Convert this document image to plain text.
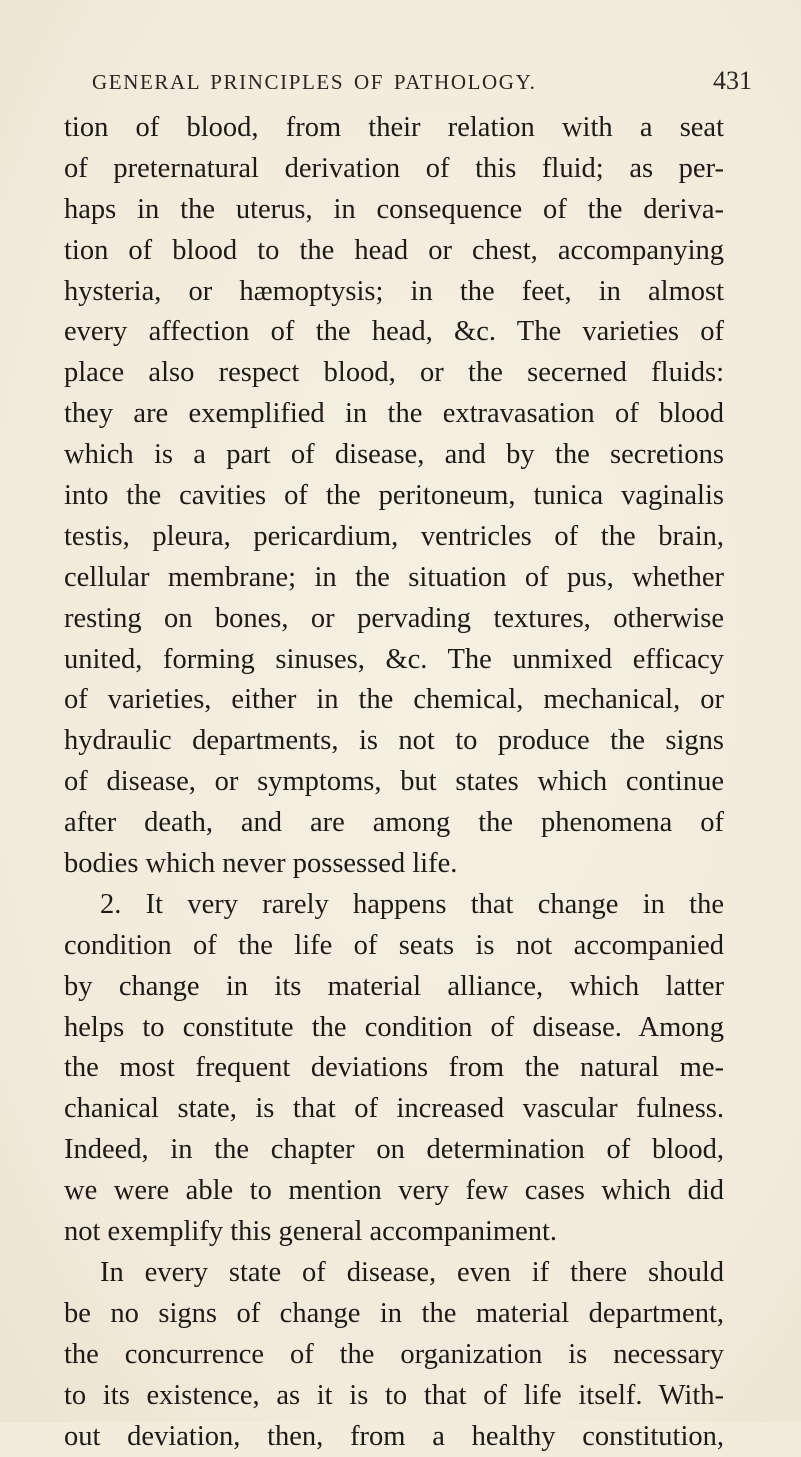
GENERAL PRINCIPLES OF PATHOLOGY.	431
tion of blood, from their relation with a seat
of preternatural derivation of this fluid; as per-
haps in the uterus, in consequence of the deriva-
tion of blood to the head or chest, accompanying
hysteria, or hæmoptysis; in the feet, in almost
every affection of the head, &c. The varieties of
place also respect blood, or the secerned fluids:
they are exemplified in the extravasation of blood
which is a part of disease, and by the secretions
into the cavities of the peritoneum, tunica vaginalis
testis, pleura, pericardium, ventricles of the brain,
cellular membrane; in the situation of pus, whether
resting on bones, or pervading textures, otherwise
united, forming sinuses, &c. The unmixed efficacy
of varieties, either in the chemical, mechanical, or
hydraulic departments, is not to produce the signs
of disease, or symptoms, but states which continue
after death, and are among the phenomena of
bodies which never possessed life.
2. It very rarely happens that change in the
condition of the life of seats is not accompanied
by change in its material alliance, which latter
helps to constitute the condition of disease. Among
the most frequent deviations from the natural me-
chanical state, is that of increased vascular fulness.
Indeed, in the chapter on determination of blood,
we were able to mention very few cases which did
not exemplify this general accompaniment.
In every state of disease, even if there should
be no signs of change in the material department,
the concurrence of the organization is necessary
to its existence, as it is to that of life itself. With-
out deviation, then, from a healthy constitution,
